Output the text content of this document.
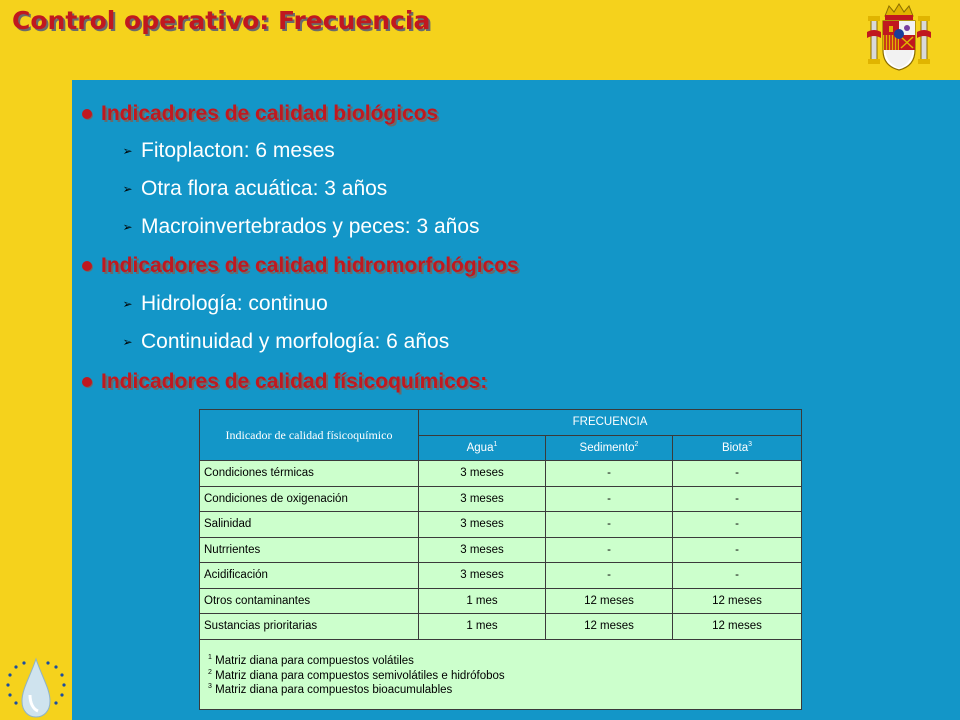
Control operativo: Frecuencia
Indicadores de calidad biológicos
➢ Fitoplacton: 6 meses
➢ Otra flora acuática: 3 años
➢ Macroinvertebrados y peces: 3 años
Indicadores de calidad hidromorfológicos
➢ Hidrología: continuo
➢ Continuidad y morfología: 6 años
Indicadores de calidad físicoquímicos:
Indicador de calidad físicoquímico	FRECUENCIA		
	Agua$^1$	Sedimento$^2$	Biota$^3$
Condiciones térmicas	3 meses	-	-
Condiciones de oxigenación	3 meses	-	-
Salinidad	3 meses	-	-
Nutrrientes	3 meses	-	-
Acidificación	3 meses	-	-
Otros contaminantes	1 mes	12 meses	12 meses
Sustancias prioritarias	1 mes	12 meses	12 meses

$^1$ Matriz diana para compuestos volátiles
$^2$ Matriz diana para compuestos semivolátiles e hidrófobos
$^3$ Matriz diana para compuestos bioacumulables			
